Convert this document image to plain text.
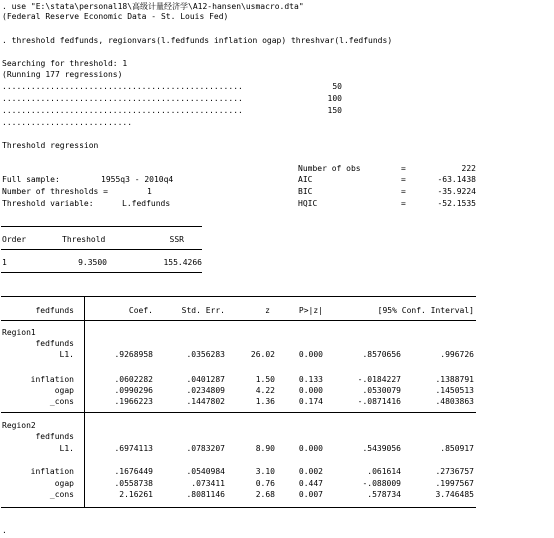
. use "E:\stata\personal18\高级计量经济学\A12-hansen\usmacro.dta"
(Federal Reserve Economic Data - St. Louis Fed)
. threshold fedfunds, regionvars(l.fedfunds inflation ogap) threshvar(l.fedfunds)
Searching for threshold: 1
(Running 177 regressions)
..................................................	50
..................................................	100
..................................................	150
...........................
Threshold regression
Full sample:	1955q3 - 2010q4
Number of thresholds =	1
Threshold variable:	L.fedfunds
Number of obs	=	222
AIC	=	-63.1438
BIC	=	-35.9224
HQIC	=	-52.1535
Order	Threshold	SSR
1	9.3500	155.4266
fedfunds	Coef.	Std. Err.	z	P>|z|	[95% Conf. Interval]
Region1
fedfunds
L1.	.9268958	.0356283	26.02	0.000	.8570656	.996726
inflation	.0602282	.0401287	1.50	0.133	-.0184227	.1388791
ogap	.0990296	.0234809	4.22	0.000	.0530079	.1450513
_cons	.1966223	.1447802	1.36	0.174	-.0871416	.4803863
Region2
fedfunds
L1.	.6974113	.0783207	8.90	0.000	.5439056	.850917
inflation	.1676449	.0540984	3.10	0.002	.061614	.2736757
ogap	.0558738	.073411	0.76	0.447	-.088009	.1997567
_cons	2.16261	.8081146	2.68	0.007	.578734	3.746485
.
